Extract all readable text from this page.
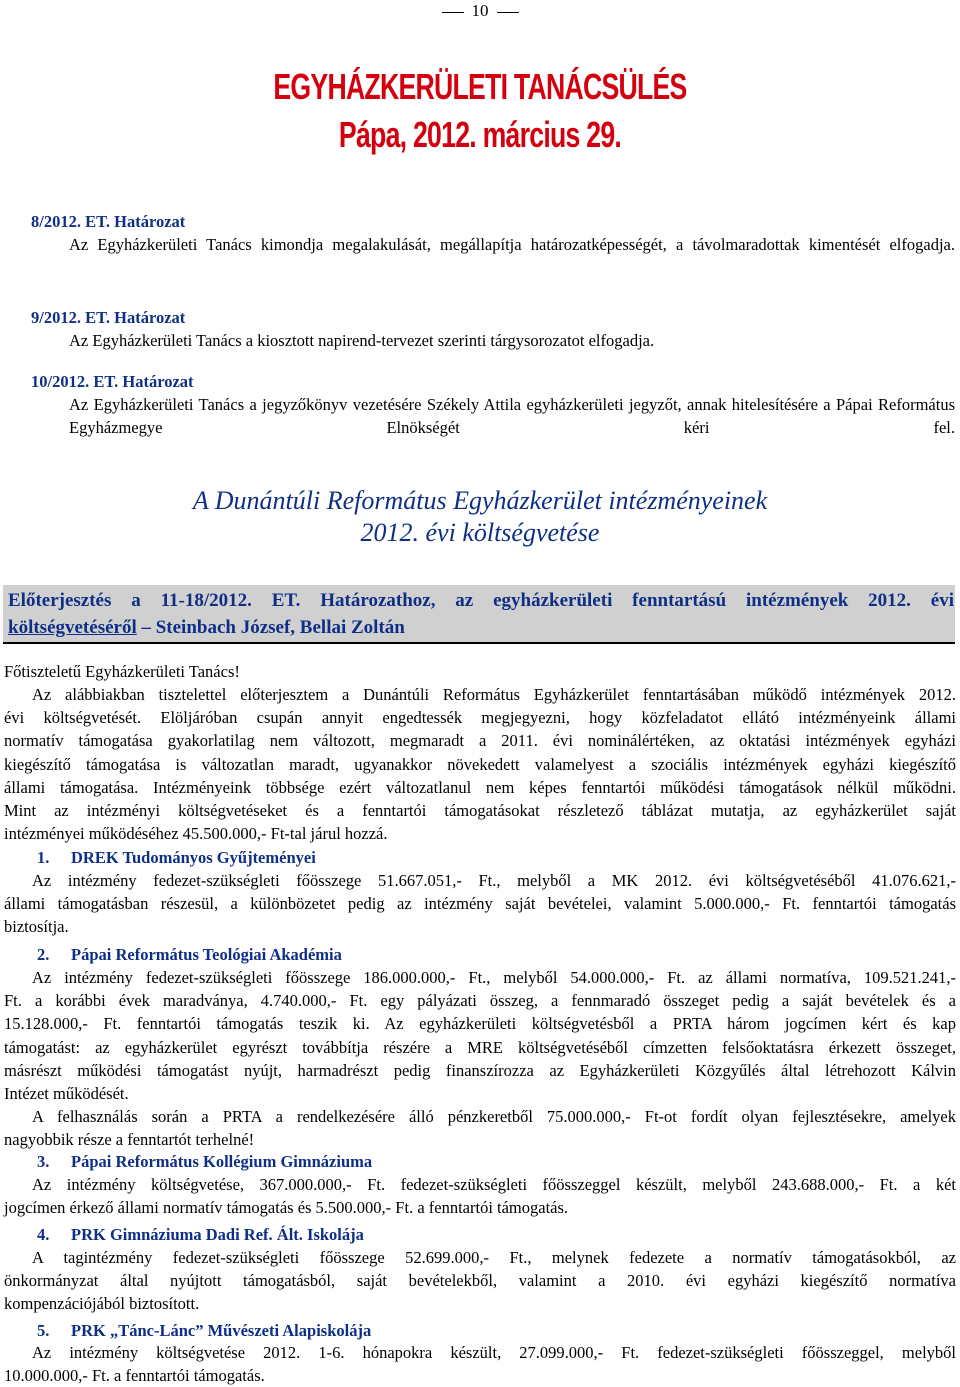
10
EGYHÁZKERÜLETI TANÁCSÜLÉS
Pápa, 2012. március 29.
8/2012. ET. Határozat
Az Egyházkerületi Tanács kimondja megalakulását, megállapítja határozatképességét, a távolmaradottak kimentését elfogadja.
9/2012. ET. Határozat
Az Egyházkerületi Tanács a kiosztott napirend-tervezet szerinti tárgysorozatot elfogadja.
10/2012. ET. Határozat
Az Egyházkerületi Tanács a jegyzőkönyv vezetésére Székely Attila egyházkerületi jegyzőt, annak hitelesítésére a Pápai Református Egyházmegye Elnökségét kéri fel.
A Dunántúli Református Egyházkerület intézményeinek
2012. évi költségvetése
Előterjesztés a 11-18/2012. ET. Határozathoz, az egyházkerületi fenntartású intézmények 2012. évi
költségvetéséről – Steinbach József, Bellai Zoltán
Főtiszteletű Egyházkerületi Tanács!
Az alábbiakban tisztelettel előterjesztem a Dunántúli Református Egyházkerület fenntartásában működő intézmények 2012.
évi költségvetését. Elöljáróban csupán annyit engedtessék megjegyezni, hogy közfeladatot ellátó intézményeink állami
normatív támogatása gyakorlatilag nem változott, megmaradt a 2011. évi nominálértéken, az oktatási intézmények egyházi
kiegészítő támogatása is változatlan maradt, ugyanakkor növekedett valamelyest a szociális intézmények egyházi kiegészítő
állami támogatása. Intézményeink többsége ezért változatlanul nem képes fenntartói működési támogatások nélkül működni.
Mint az intézményi költségvetéseket és a fenntartói támogatásokat részletező táblázat mutatja, az egyházkerület saját
intézményei működéséhez 45.500.000,- Ft-tal járul hozzá.
1. DREK Tudományos Gyűjteményei
Az intézmény fedezet-szükségleti főösszege 51.667.051,- Ft., melyből a MK 2012. évi költségvetéséből 41.076.621,-
állami támogatásban részesül, a különbözetet pedig az intézmény saját bevételei, valamint 5.000.000,- Ft. fenntartói támogatás
biztosítja.
2. Pápai Református Teológiai Akadémia
Az intézmény fedezet-szükségleti főösszege 186.000.000,- Ft., melyből 54.000.000,- Ft. az állami normatíva, 109.521.241,-
Ft. a korábbi évek maradványa, 4.740.000,- Ft. egy pályázati összeg, a fennmaradó összeget pedig a saját bevételek és a
15.128.000,- Ft. fenntartói támogatás teszik ki. Az egyházkerületi költségvetésből a PRTA három jogcímen kért és kap
támogatást: az egyházkerület egyrészt továbbítja részére a MRE költségvetéséből címzetten felsőoktatásra érkezett összeget,
másrészt működési támogatást nyújt, harmadrészt pedig finanszírozza az Egyházkerületi Közgyűlés által létrehozott Kálvin
Intézet működését.
A felhasználás során a PRTA a rendelkezésére álló pénzkeretből 75.000.000,- Ft-ot fordít olyan fejlesztésekre, amelyek
nagyobbik része a fenntartót terhelné!
3. Pápai Református Kollégium Gimnáziuma
Az intézmény költségvetése, 367.000.000,- Ft. fedezet-szükségleti főösszeggel készült, melyből 243.688.000,- Ft. a két
jogcímen érkező állami normatív támogatás és 5.500.000,- Ft. a fenntartói támogatás.
4. PRK Gimnáziuma Dadi Ref. Ált. Iskolája
A tagintézmény fedezet-szükségleti főösszege 52.699.000,- Ft., melynek fedezete a normatív támogatásokból, az
önkormányzat által nyújtott támogatásból, saját bevételekből, valamint a 2010. évi egyházi kiegészítő normatíva
kompenzációjából biztosított.
5. PRK „Tánc-Lánc” Művészeti Alapiskolája
Az intézmény költségvetése 2012. 1-6. hónapokra készült, 27.099.000,- Ft. fedezet-szükségleti főösszeggel, melyből
10.000.000,- Ft. a fenntartói támogatás.
